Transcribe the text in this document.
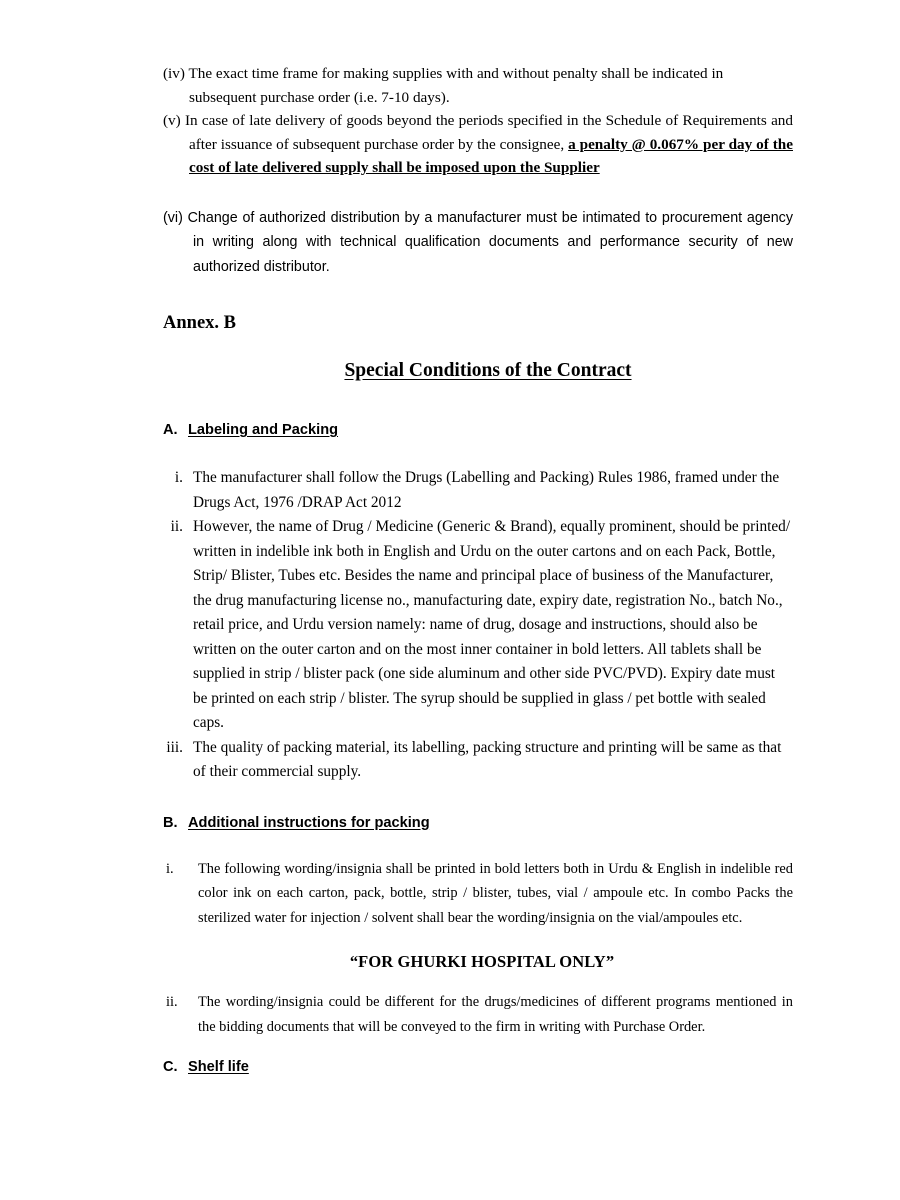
(iv) The exact time frame for making supplies with and without penalty shall be indicated in subsequent purchase order (i.e. 7-10 days).

(v) In case of late delivery of goods beyond the periods specified in the Schedule of Requirements and after issuance of subsequent purchase order by the consignee, a penalty @ 0.067% per day of the cost of late delivered supply shall be imposed upon the Supplier

(vi) Change of authorized distribution by a manufacturer must be intimated to procurement agency in writing along with technical qualification documents and performance security of new authorized distributor.

Annex. B

Special Conditions of the Contract

A. Labeling and Packing
i. The manufacturer shall follow the Drugs (Labelling and Packing) Rules 1986, framed under the Drugs Act, 1976 /DRAP Act 2012
ii. However, the name of Drug / Medicine (Generic & Brand), equally prominent, should be printed/ written in indelible ink both in English and Urdu on the outer cartons and on each Pack, Bottle, Strip/ Blister, Tubes etc. Besides the name and principal place of business of the Manufacturer, the drug manufacturing license no., manufacturing date, expiry date, registration No., batch No., retail price, and Urdu version namely: name of drug, dosage and instructions, should also be written on the outer carton and on the most inner container in bold letters. All tablets shall be supplied in strip / blister pack (one side aluminum and other side PVC/PVD). Expiry date must be printed on each strip / blister. The syrup should be supplied in glass / pet bottle with sealed caps.
iii. The quality of packing material, its labelling, packing structure and printing will be same as that of their commercial supply.
B. Additional instructions for packing
i.	The following wording/insignia shall be printed in bold letters both in Urdu & English in indelible red color ink on each carton, pack, bottle, strip / blister, tubes, vial / ampoule etc. In combo Packs the sterilized water for injection / solvent shall bear the wording/insignia on the vial/ampoules etc.

“FOR GHURKI HOSPITAL ONLY”

ii.	The wording/insignia could be different for the drugs/medicines of different programs mentioned in the bidding documents that will be conveyed to the firm in writing with Purchase Order.
C. Shelf life
